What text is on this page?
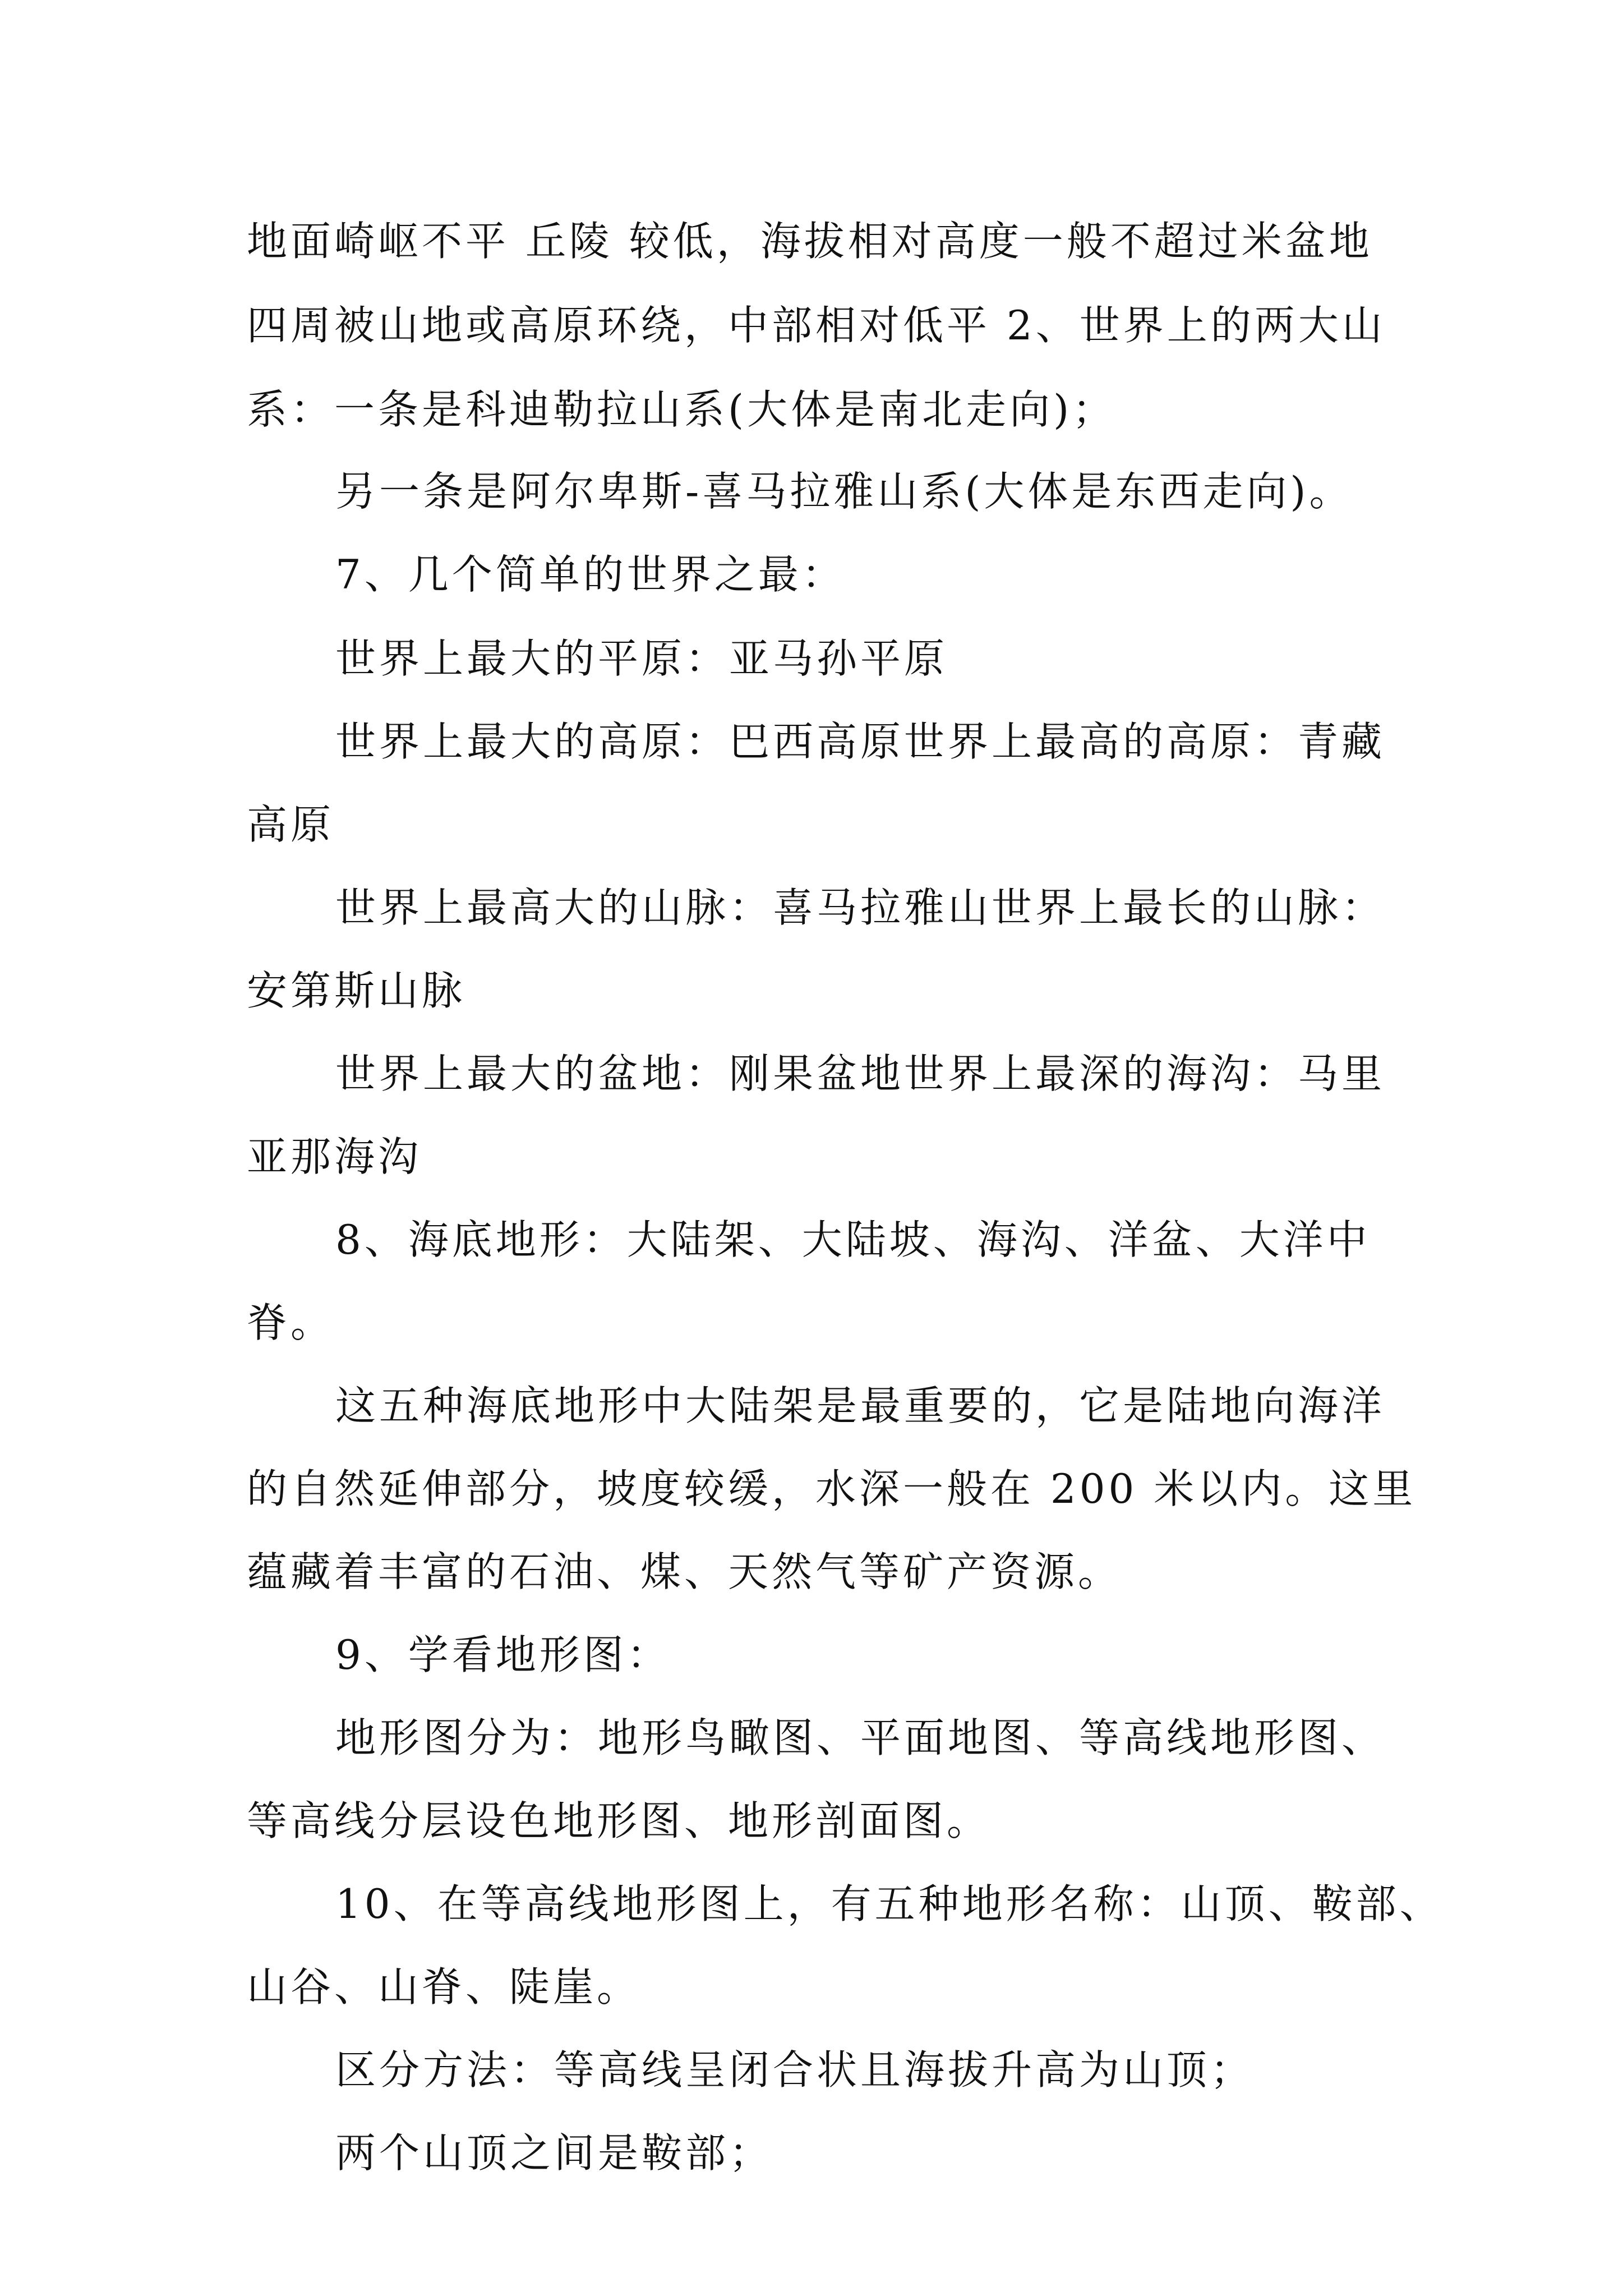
地面崎岖不平 丘陵 较低，海拔相对高度一般不超过米盆地
四周被山地或高原环绕，中部相对低平 2、世界上的两大山
系：一条是科迪勒拉山系(大体是南北走向)；
另一条是阿尔卑斯-喜马拉雅山系(大体是东西走向)。
7、几个简单的世界之最：
世界上最大的平原：亚马孙平原
世界上最大的高原：巴西高原世界上最高的高原：青藏
高原
世界上最高大的山脉：喜马拉雅山世界上最长的山脉：
安第斯山脉
世界上最大的盆地：刚果盆地世界上最深的海沟：马里
亚那海沟
8、海底地形：大陆架、大陆坡、海沟、洋盆、大洋中
脊。
这五种海底地形中大陆架是最重要的，它是陆地向海洋
的自然延伸部分，坡度较缓，水深一般在 200 米以内。这里
蕴藏着丰富的石油、煤、天然气等矿产资源。
9、学看地形图：
地形图分为：地形鸟瞰图、平面地图、等高线地形图、
等高线分层设色地形图、地形剖面图。
10、在等高线地形图上，有五种地形名称：山顶、鞍部、
山谷、山脊、陡崖。
区分方法：等高线呈闭合状且海拔升高为山顶；
两个山顶之间是鞍部；
